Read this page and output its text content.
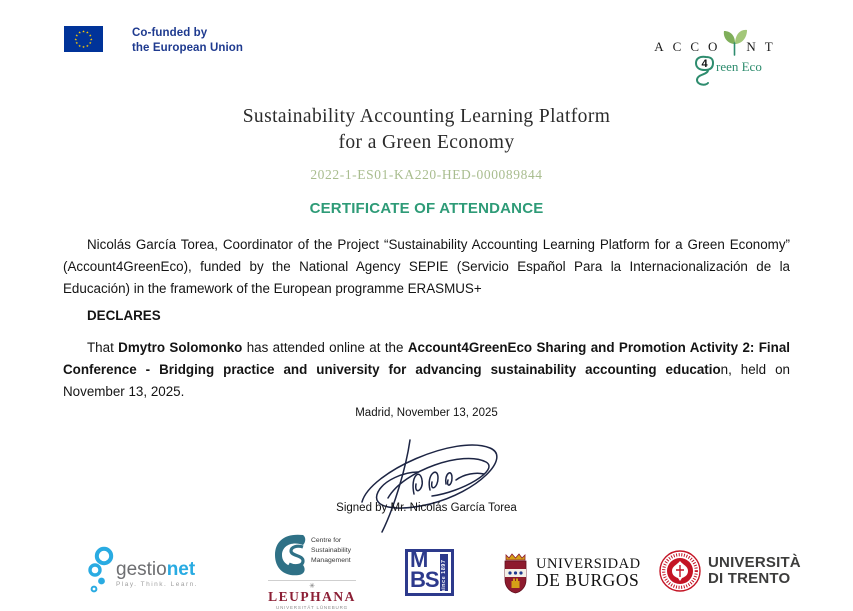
★ ★
★
★
★
★
★
★
★
★
★
★	Co-funded by
the European Union	ACCO NT
4 reen Eco
Sustainability Accounting Learning Platform
for a Green Economy
2022-1-ES01-KA220-HED-000089844
CERTIFICATE OF ATTENDANCE

Nicolás García Torea, Coordinator of the Project “Sustainability Accounting Learning Platform for a Green Economy” (Account4GreenEco), funded by the National Agency SEPIE (Servicio Español Para la Internacionalización de la Educación) in the framework of the European programme ERASMUS+

DECLARES

That Dmytro Solomonko has attended online at the Account4GreenEco Sharing and Promotion Activity 2: Final Conference - Bridging practice and university for advancing sustainability accounting education, held on November 13, 2025.

Madrid, November 13, 2025
Signed by Mr. Nicolás García Torea
gestionet
Play. Think. Learn.
Centre for
Sustainability
Management
✳
LEUPHANA
UNIVERSITÄT LÜNEBURG
M
BS since 1897	UNIVERSIDAD
DE BURGOS
UNIVERSITÀ
DI TRENTO
